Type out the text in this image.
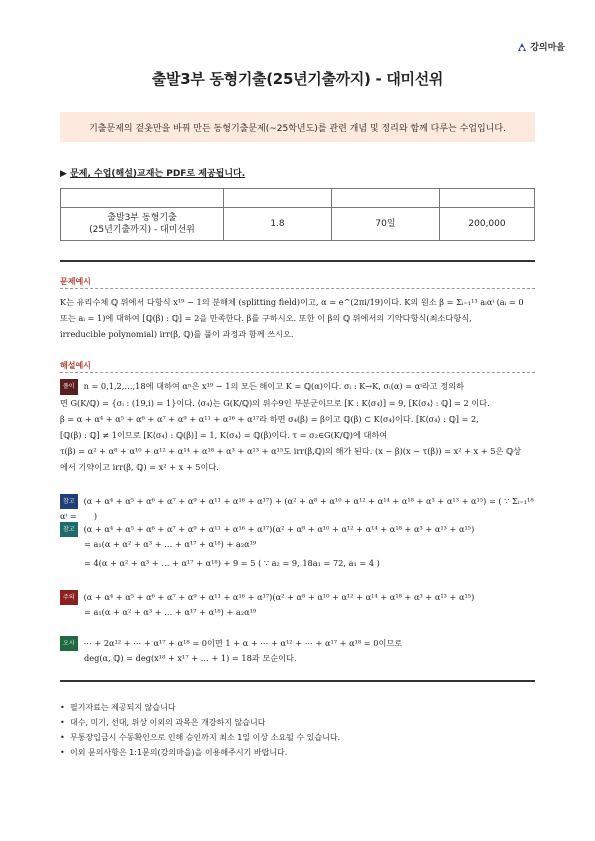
강의마을
출발3부 동형기출(25년기출까지) - 대미선위
기출문제의 겉옷만을 바꿔 만든 동형기출문제(~25학년도)를 관련 개념 및 정리와 함께 다루는 수업입니다.
▶ 문제, 수업(해설)교재는 PDF로 제공됩니다.

출발3부 동형기출
(25년기출까지) - 대미선위	1.8	70일	200,000
문제예시
K는 유리수체 ℚ 위에서 다항식 x¹⁹ − 1의 분해체 (splitting field)이고, α = e^(2πi/19)이다. K의 원소 β = Σᵢ₌₁¹³ aᵢαⁱ (aᵢ = 0
또는 aᵢ = 1)에 대하여 [ℚ(β) : ℚ] = 2을 만족한다. β를 구하시오. 또한 이 β의 ℚ 위에서의 기약다항식(최소다항식,
irreducible polynomial) irr(β, ℚ)를 풀이 과정과 함께 쓰시오.
해설예시
풀이 n = 0,1,2,…,18에 대하여 αⁿ은 x¹⁹ − 1의 모든 해이고 K = ℚ(α)이다. σᵢ : K→K, σᵢ(α) = αⁱ라고 정의하
면 G(K/ℚ) = {σᵢ : (19,i) = 1}이다. ⟨σ₄⟩는 G(K/ℚ)의 위수9인 부분군이므로 [K : K⟨σ₄⟩] = 9, [K⟨σ₄⟩ : ℚ] = 2 이다.
β = α + α⁴ + α⁵ + α⁶ + α⁷ + α⁹ + α¹¹ + α¹⁶ + α¹⁷라 하면 σ₄(β) = β이고 ℚ(β) ⊂ K⟨σ₄⟩이다. [K⟨σ₄⟩ : ℚ] = 2,
[ℚ(β) : ℚ] ≠ 1이므로 [K⟨σ₄⟩ : ℚ(β)] = 1, K⟨σ₄⟩ = ℚ(β)이다. τ = σ₂∈G(K/ℚ)에 대하여
τ(β) = α² + α⁸ + α¹⁰ + α¹² + α¹⁴ + α¹⁸ + α³ + α¹³ + α¹⁵도 irr(β,ℚ)의 해가 된다. (x − β)(x − τ(β)) = x² + x + 5은 ℚ상
에서 기약이고 irr(β, ℚ) = x² + x + 5이다.
참고 (α + α⁴ + α⁵ + α⁶ + α⁷ + α⁹ + α¹¹ + α¹⁶ + α¹⁷) + (α² + α⁸ + α¹⁰ + α¹² + α¹⁴ + α¹⁸ + α³ + α¹³ + α¹⁵) = ( ∵ Σᵢ₌₁¹⁸ αⁱ = ⠀⠀ )
참고 (α + α⁴ + α⁵ + α⁶ + α⁷ + α⁹ + α¹¹ + α¹⁶ + α¹⁷)(α² + α⁸ + α¹⁰ + α¹² + α¹⁴ + α¹⁸ + α³ + α¹³ + α¹⁵)
= a₁(α + α² + α³ + … + α¹⁷ + α¹⁸) + a₂α¹⁹
= 4(α + α² + α³ + … + α¹⁷ + α¹⁸) + 9 = 5 ( ∵ a₂ = 9, 18a₁ = 72, a₁ = 4 )
주의 (α + α⁴ + α⁵ + α⁶ + α⁷ + α⁹ + α¹¹ + α¹⁶ + α¹⁷)(α² + α⁸ + α¹⁰ + α¹² + α¹⁴ + α¹⁸ + α³ + α¹³ + α¹⁵)
= a₁(α + α² + α³ + … + α¹⁷ + α¹⁸) + a₂α¹⁹
오시 ⋯ + 2α¹² + ⋯ + α¹⁷ + α¹⁸ = 0이면 1 + α + ⋯ + α¹² + ⋯ + α¹⁷ + α¹⁸ = 0이므로
deg(α, ℚ) = deg(x¹⁸ + x¹⁷ + … + 1) = 18과 모순이다.
• 필기자료는 제공되지 않습니다
• 대수, 미기, 선대, 위상 이외의 과목은 개강하지 않습니다
• 무통장입금시 수동확인으로 인해 승인까지 최소 1일 이상 소요될 수 있습니다.
• 이외 문의사항은 1:1문의(강의마을)을 이용해주시기 바랍니다.
